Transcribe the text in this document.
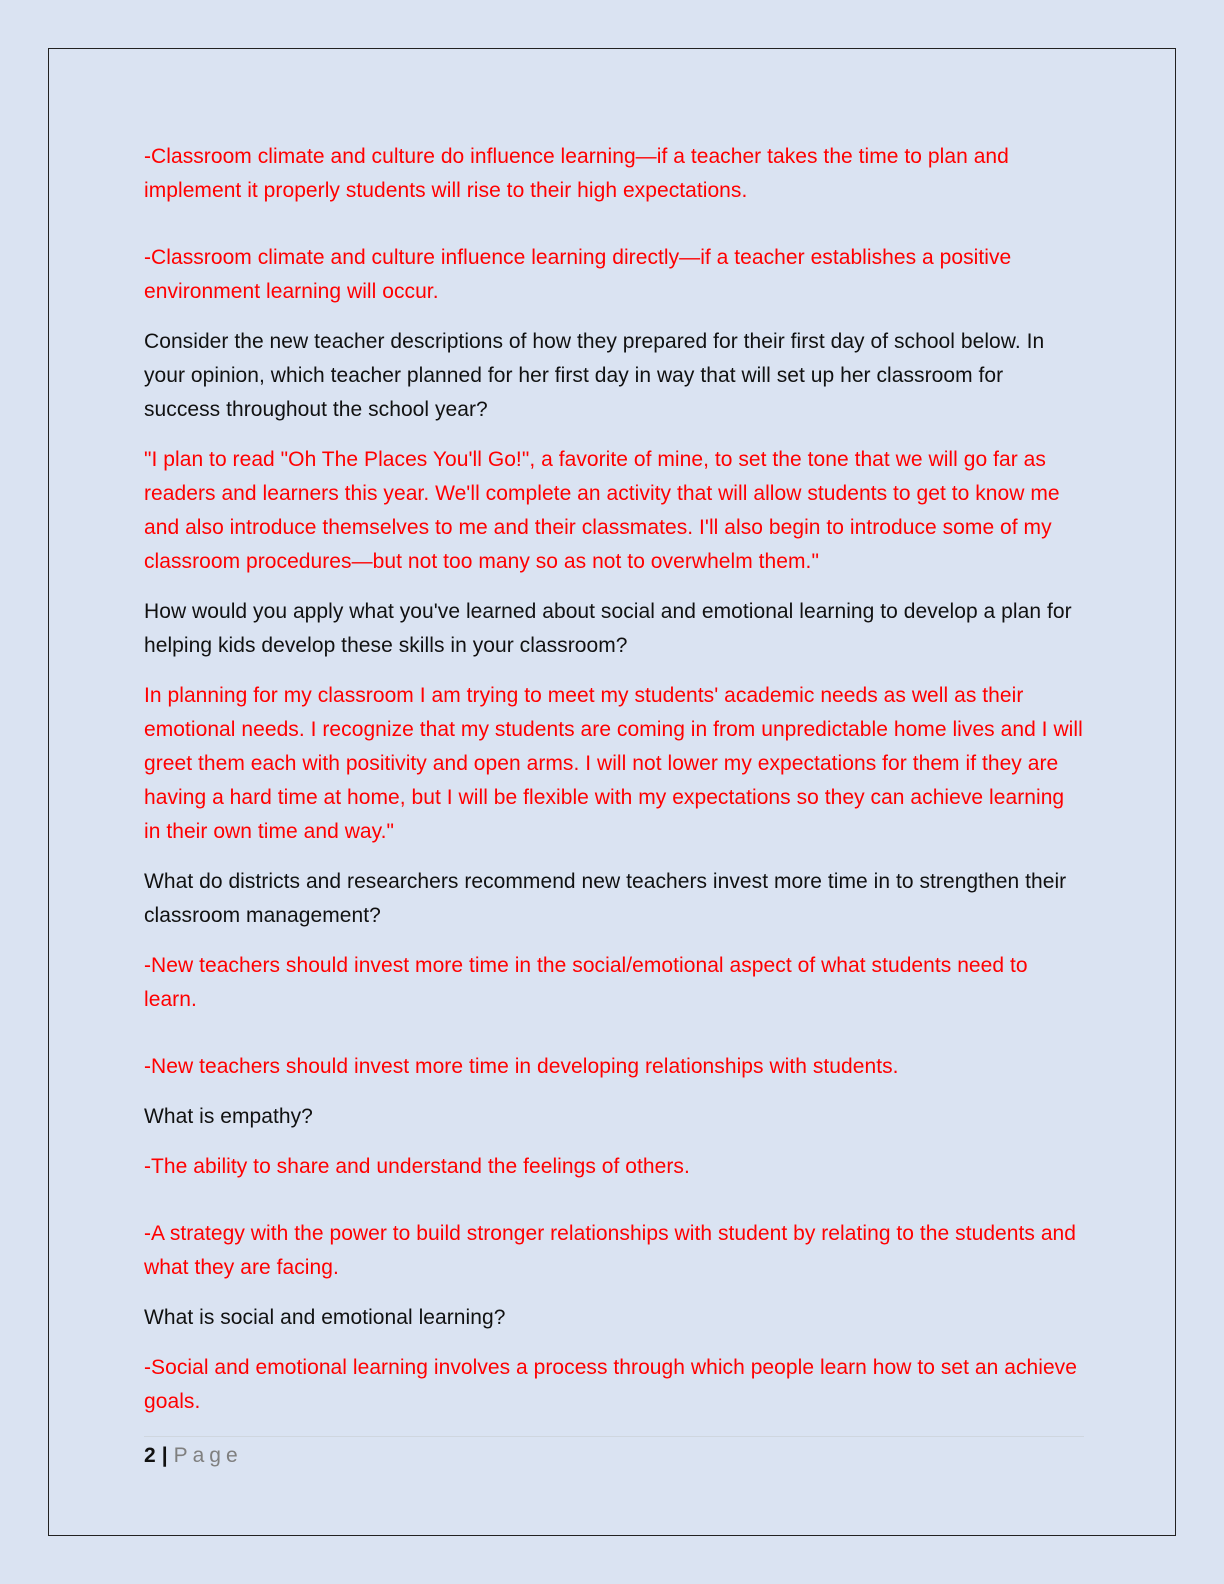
-Classroom climate and culture do influence learning—if a teacher takes the time to plan and implement it properly students will rise to their high expectations.

-Classroom climate and culture influence learning directly—if a teacher establishes a positive environment learning will occur.

Consider the new teacher descriptions of how they prepared for their first day of school below. In your opinion, which teacher planned for her first day in way that will set up her classroom for success throughout the school year?

"I plan to read "Oh The Places You'll Go!", a favorite of mine, to set the tone that we will go far as readers and learners this year. We'll complete an activity that will allow students to get to know me and also introduce themselves to me and their classmates. I'll also begin to introduce some of my classroom procedures—but not too many so as not to overwhelm them."

How would you apply what you've learned about social and emotional learning to develop a plan for helping kids develop these skills in your classroom?

In planning for my classroom I am trying to meet my students' academic needs as well as their emotional needs. I recognize that my students are coming in from unpredictable home lives and I will greet them each with positivity and open arms. I will not lower my expectations for them if they are having a hard time at home, but I will be flexible with my expectations so they can achieve learning in their own time and way."

What do districts and researchers recommend new teachers invest more time in to strengthen their classroom management?

-New teachers should invest more time in the social/emotional aspect of what students need to learn.

-New teachers should invest more time in developing relationships with students.

What is empathy?

-The ability to share and understand the feelings of others.

-A strategy with the power to build stronger relationships with student by relating to the students and what they are facing.

What is social and emotional learning?

-Social and emotional learning involves a process through which people learn how to set an achieve goals.

2 | Page
